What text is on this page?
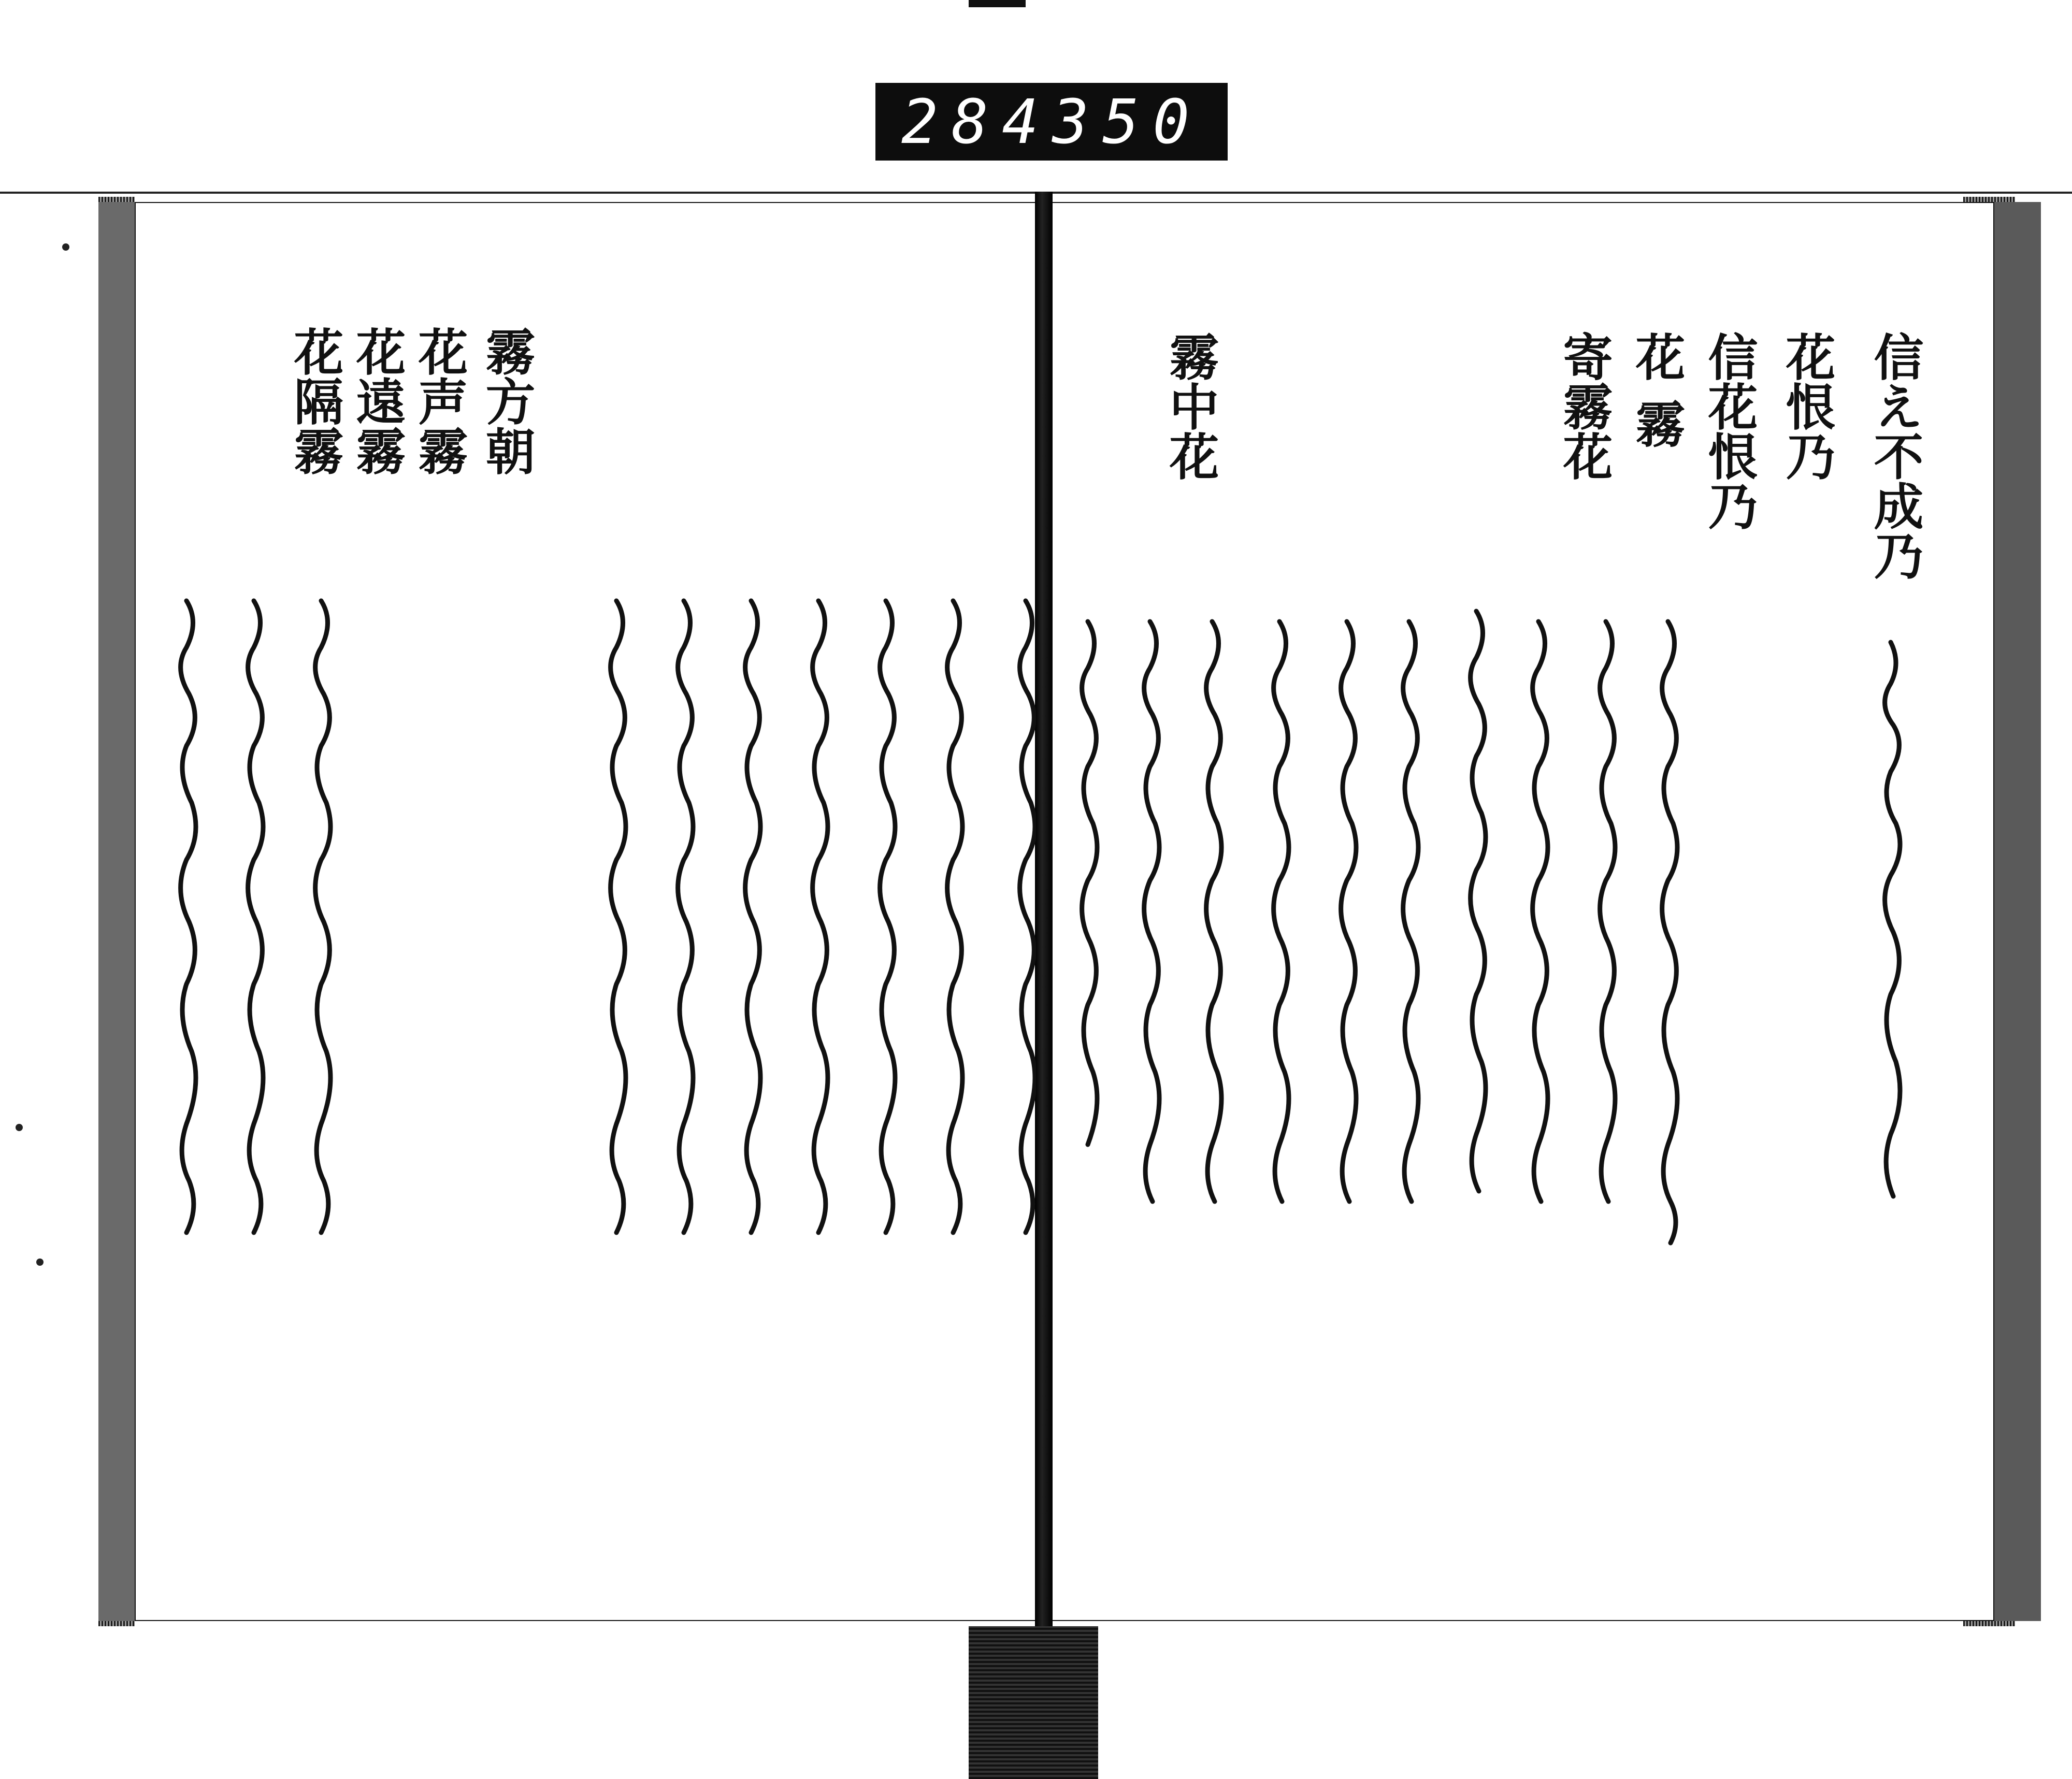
284 350
信え不成乃
花恨乃
信花恨乃
花 霧
寄霧花
霧中花
霧方朝
花声霧
花遠霧
花隔霧
